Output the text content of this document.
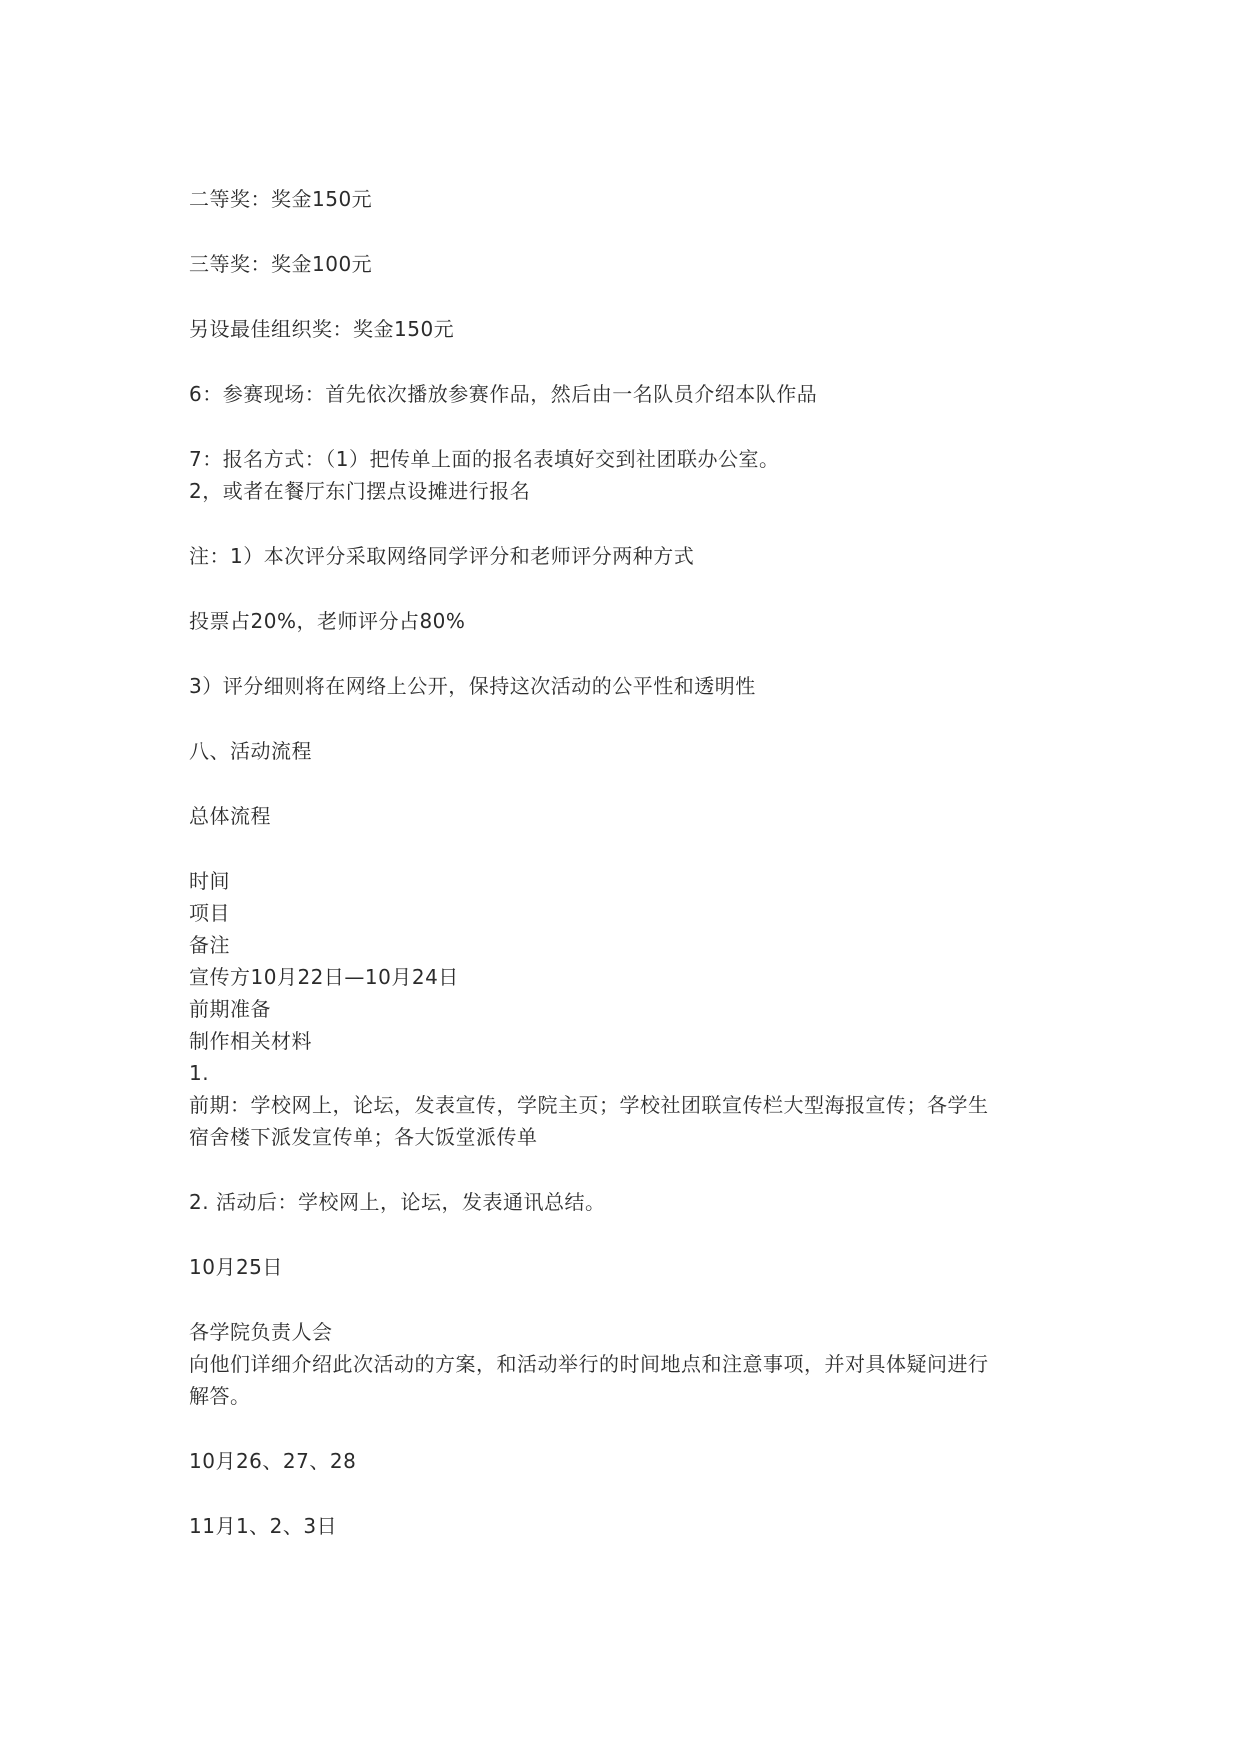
二等奖：奖金150元
三等奖：奖金100元
另设最佳组织奖：奖金150元
6：参赛现场：首先依次播放参赛作品，然后由一名队员介绍本队作品
7：报名方式：（1）把传单上面的报名表填好交到社团联办公室。
2，或者在餐厅东门摆点设摊进行报名
注：1）本次评分采取网络同学评分和老师评分两种方式
投票占20%，老师评分占80%
3）评分细则将在网络上公开，保持这次活动的公平性和透明性
八、活动流程
总体流程
时间
项目
备注
宣传方10月22日—10月24日
前期准备
制作相关材料
1.
前期：学校网上，论坛，发表宣传，学院主页；学校社团联宣传栏大型海报宣传；各学生
宿舍楼下派发宣传单；各大饭堂派传单
2. 活动后：学校网上，论坛，发表通讯总结。
10月25日
各学院负责人会
向他们详细介绍此次活动的方案，和活动举行的时间地点和注意事项，并对具体疑问进行
解答。
10月26、27、28
11月1、2、3日
